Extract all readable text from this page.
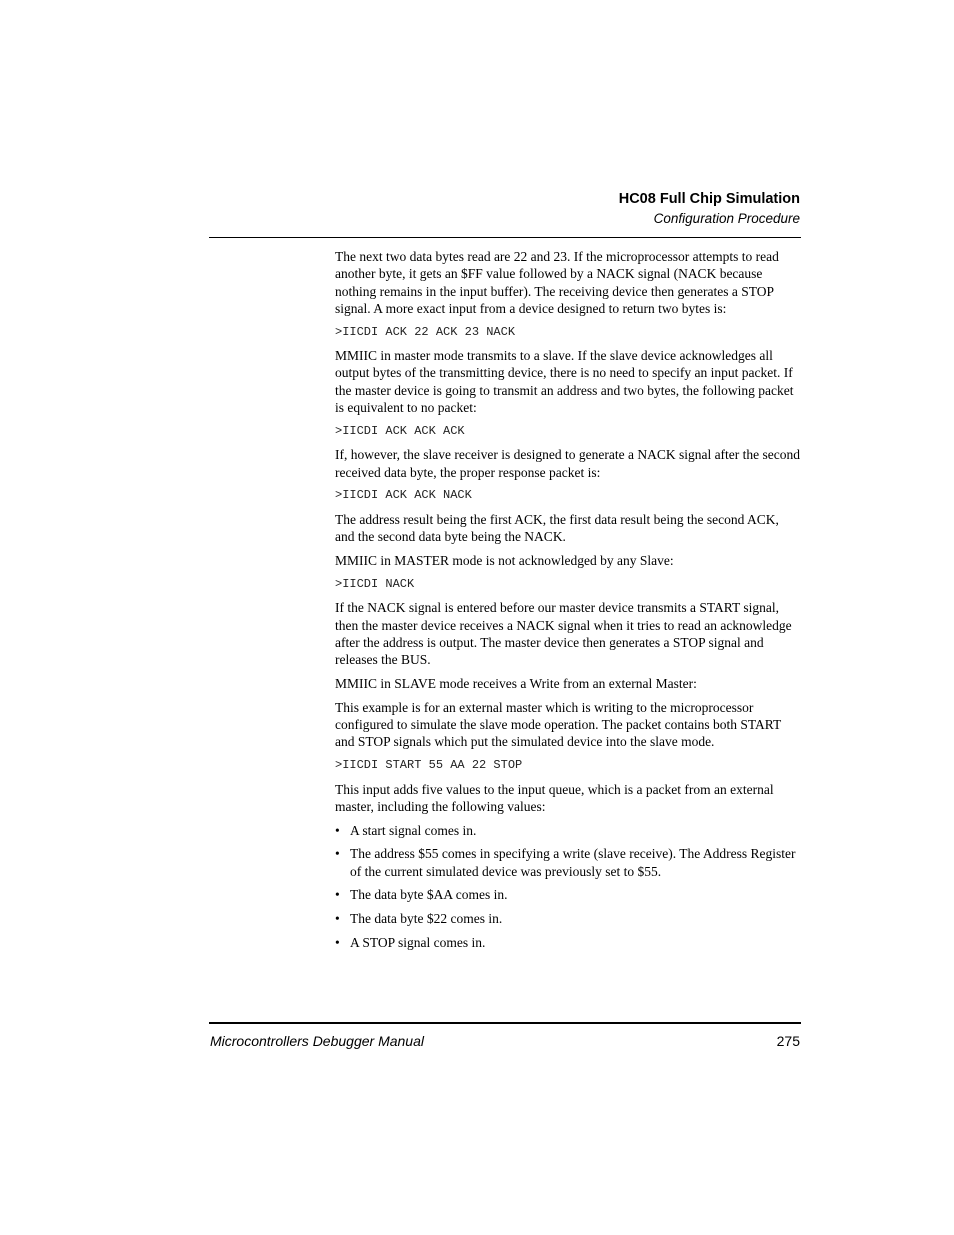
HC08 Full Chip Simulation
Configuration Procedure

The next two data bytes read are 22 and 23. If the microprocessor attempts to read another byte, it gets an $FF value followed by a NACK signal (NACK because nothing remains in the input buffer). The receiving device then generates a STOP signal. A more exact input from a device designed to return two bytes is:

>IICDI ACK 22 ACK 23 NACK

MMIIC in master mode transmits to a slave. If the slave device acknowledges all output bytes of the transmitting device, there is no need to specify an input packet. If the master device is going to transmit an address and two bytes, the following packet is equivalent to no packet:

>IICDI ACK ACK ACK

If, however, the slave receiver is designed to generate a NACK signal after the second received data byte, the proper response packet is:

>IICDI ACK ACK NACK

The address result being the first ACK, the first data result being the second ACK, and the second data byte being the NACK.

MMIIC in MASTER mode is not acknowledged by any Slave:

>IICDI NACK

If the NACK signal is entered before our master device transmits a START signal, then the master device receives a NACK signal when it tries to read an acknowledge after the address is output. The master device then generates a STOP signal and releases the BUS.

MMIIC in SLAVE mode receives a Write from an external Master:

This example is for an external master which is writing to the microprocessor configured to simulate the slave mode operation. The packet contains both START and STOP signals which put the simulated device into the slave mode.

>IICDI START 55 AA 22 STOP

This input adds five values to the input queue, which is a packet from an external master, including the following values:

• A start signal comes in.
• The address $55 comes in specifying a write (slave receive). The Address Register of the current simulated device was previously set to $55.
• The data byte $AA comes in.
• The data byte $22 comes in.
• A STOP signal comes in.
Microcontrollers Debugger Manual	275
